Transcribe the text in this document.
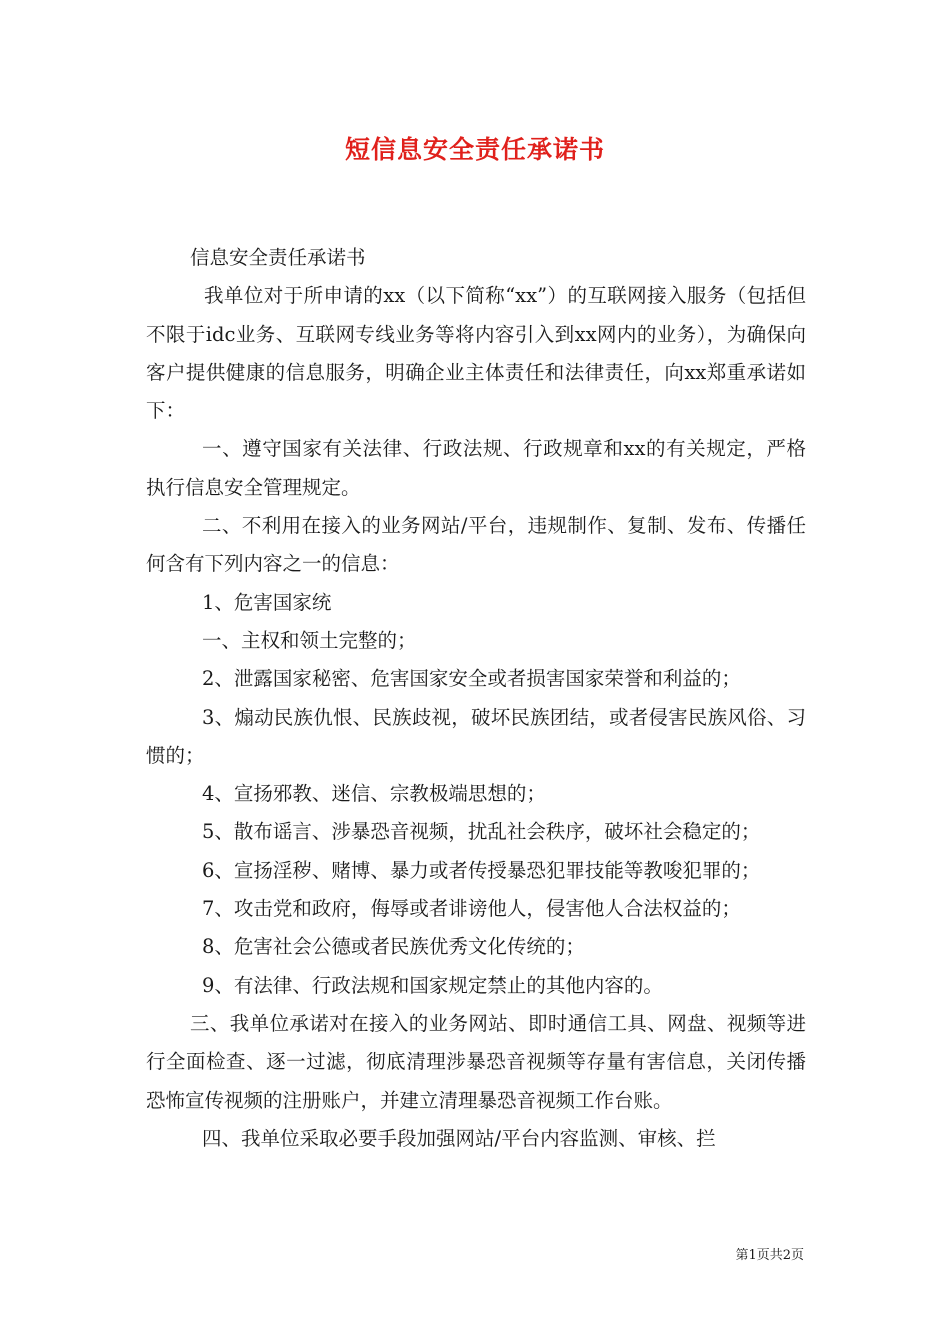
短信息安全责任承诺书

信息安全责任承诺书

我单位对于所申请的xx（以下简称“xx”）的互联网接入服务（包括但不限于idc业务、互联网专线业务等将内容引入到xx网内的业务），为确保向客户提供健康的信息服务，明确企业主体责任和法律责任，向xx郑重承诺如下：

一、遵守国家有关法律、行政法规、行政规章和xx的有关规定，严格执行信息安全管理规定。

二、不利用在接入的业务网站/平台，违规制作、复制、发布、传播任何含有下列内容之一的信息：

1、危害国家统

一、主权和领土完整的；

2、泄露国家秘密、危害国家安全或者损害国家荣誉和利益的；

3、煽动民族仇恨、民族歧视，破坏民族团结，或者侵害民族风俗、习惯的；

4、宣扬邪教、迷信、宗教极端思想的；

5、散布谣言、涉暴恐音视频，扰乱社会秩序，破坏社会稳定的；

6、宣扬淫秽、赌博、暴力或者传授暴恐犯罪技能等教唆犯罪的；

7、攻击党和政府，侮辱或者诽谤他人，侵害他人合法权益的；

8、危害社会公德或者民族优秀文化传统的；

9、有法律、行政法规和国家规定禁止的其他内容的。

三、我单位承诺对在接入的业务网站、即时通信工具、网盘、视频等进行全面检查、逐一过滤，彻底清理涉暴恐音视频等存量有害信息，关闭传播恐怖宣传视频的注册账户，并建立清理暴恐音视频工作台账。

四、我单位采取必要手段加强网站/平台内容监测、审核、拦

第1页共2页
